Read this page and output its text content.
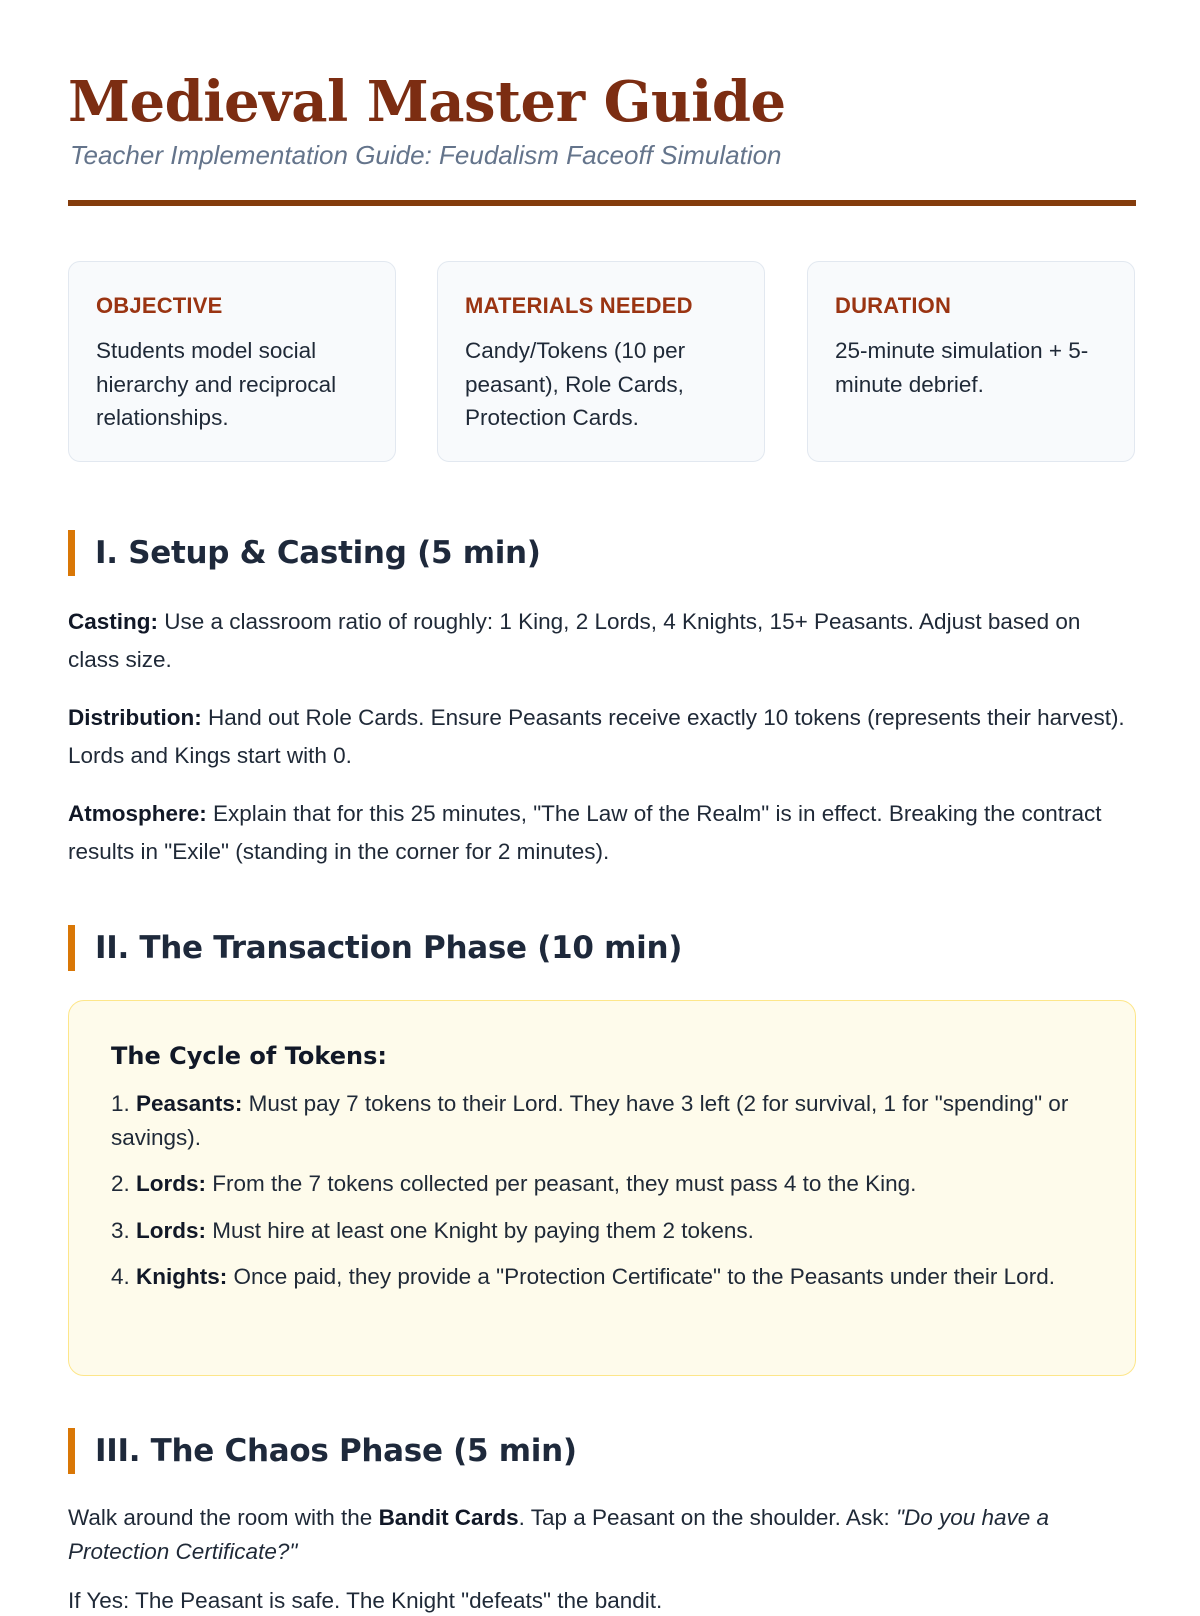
Medieval Master Guide

Teacher Implementation Guide: Feudalism Faceoff Simulation

OBJECTIVE

Students model social hierarchy and reciprocal relationships.

MATERIALS NEEDED

Candy/Tokens (10 per peasant), Role Cards, Protection Cards.

DURATION

25-minute simulation + 5-minute debrief.

I. Setup & Casting (5 min)

Casting: Use a classroom ratio of roughly: 1 King, 2 Lords, 4 Knights, 15+ Peasants. Adjust based on class size.

Distribution: Hand out Role Cards. Ensure Peasants receive exactly 10 tokens (represents their harvest). Lords and Kings start with 0.

Atmosphere: Explain that for this 25 minutes, "The Law of the Realm" is in effect. Breaking the contract results in "Exile" (standing in the corner for 2 minutes).

II. The Transaction Phase (10 min)

The Cycle of Tokens:

1. Peasants: Must pay 7 tokens to their Lord. They have 3 left (2 for survival, 1 for "spending" or savings).

2. Lords: From the 7 tokens collected per peasant, they must pass 4 to the King.

3. Lords: Must hire at least one Knight by paying them 2 tokens.

4. Knights: Once paid, they provide a "Protection Certificate" to the Peasants under their Lord.

III. The Chaos Phase (5 min)

Walk around the room with the Bandit Cards. Tap a Peasant on the shoulder. Ask: "Do you have a Protection Certificate?"

If Yes: The Peasant is safe. The Knight "defeats" the bandit.
